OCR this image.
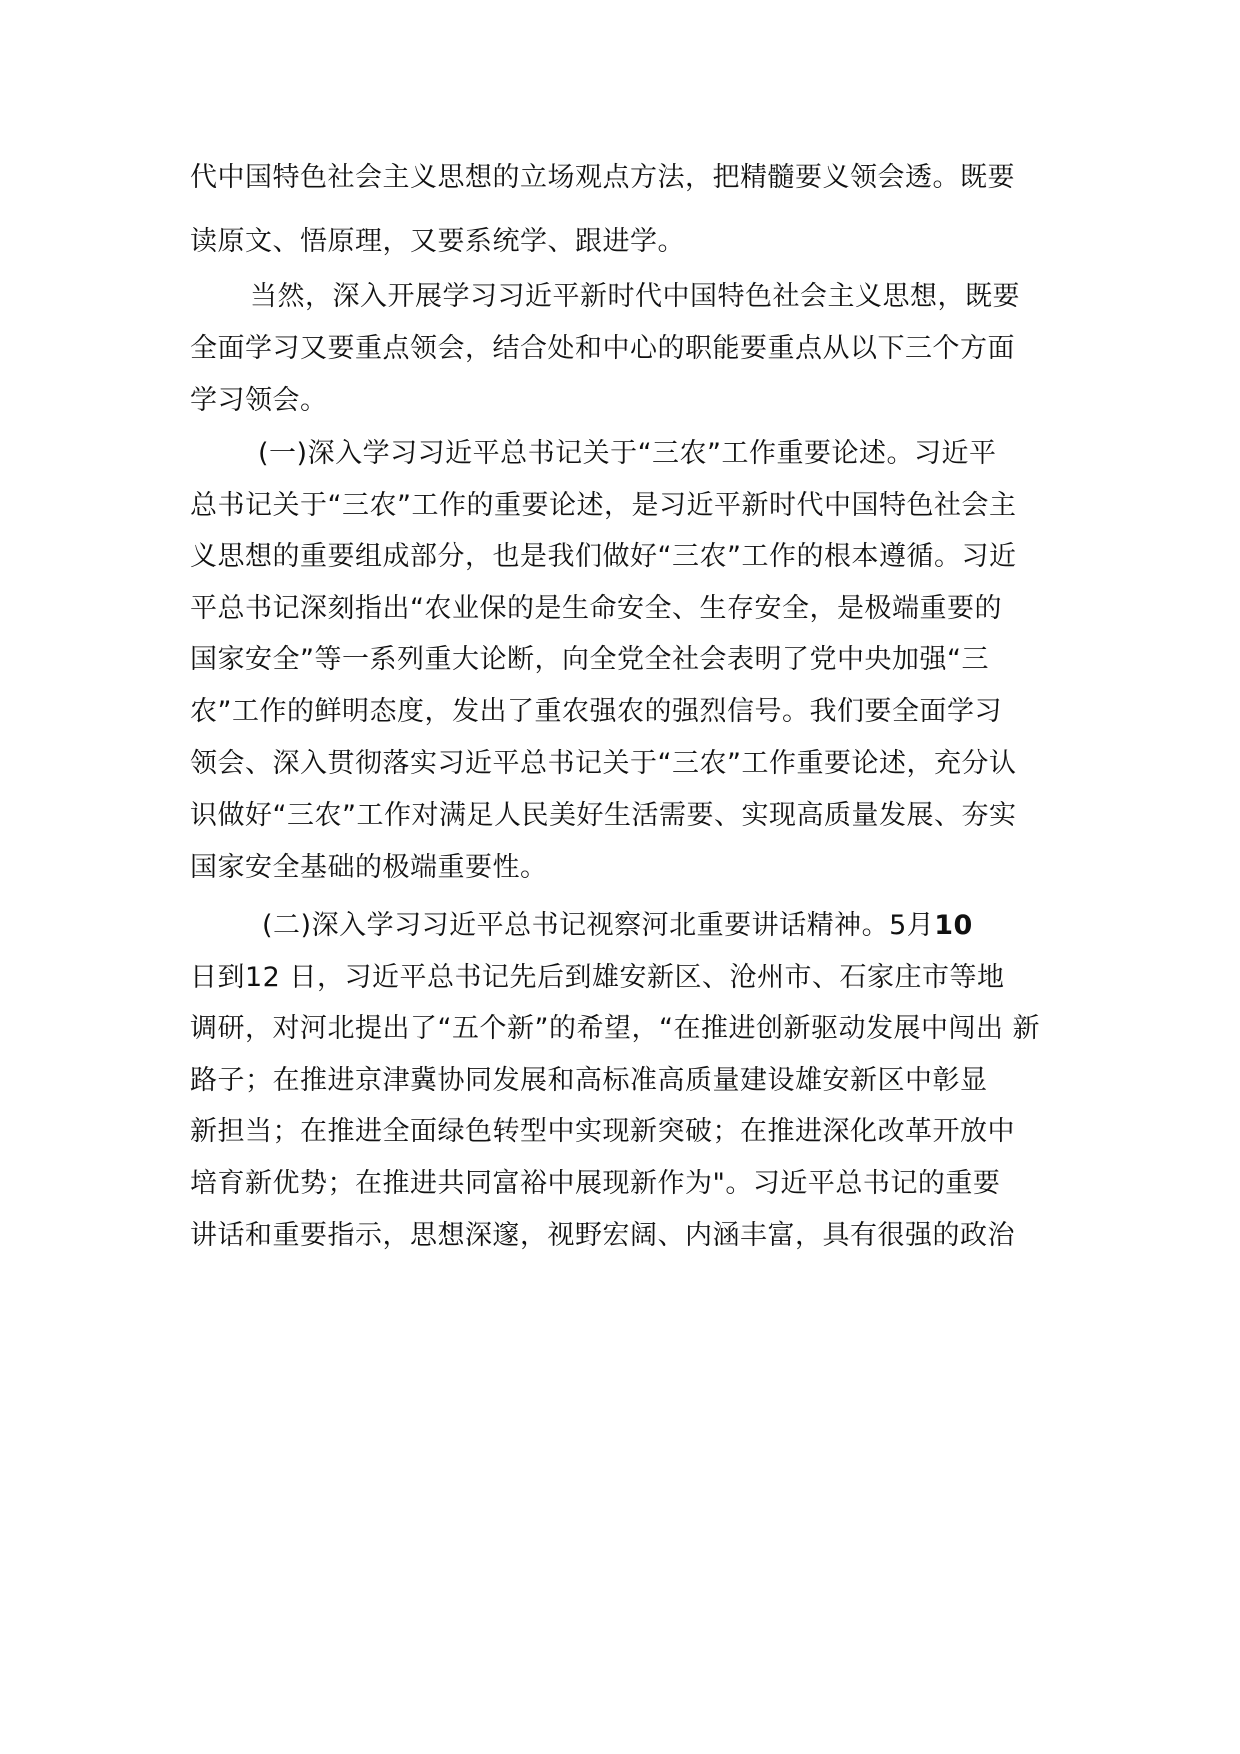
代中国特色社会主义思想的立场观点方法，把精髓要义领会透。既要
读原文、悟原理，又要系统学、跟进学。
当然，深入开展学习习近平新时代中国特色社会主义思想，既要
全面学习又要重点领会，结合处和中心的职能要重点从以下三个方面
学习领会。
(一)深入学习习近平总书记关于“三农”工作重要论述。习近平
总书记关于“三农”工作的重要论述，是习近平新时代中国特色社会主
义思想的重要组成部分，也是我们做好“三农”工作的根本遵循。习近
平总书记深刻指出“农业保的是生命安全、生存安全，是极端重要的
国家安全”等一系列重大论断，向全党全社会表明了党中央加强“三
农”工作的鲜明态度，发出了重农强农的强烈信号。我们要全面学习
领会、深入贯彻落实习近平总书记关于“三农”工作重要论述，充分认
识做好“三农”工作对满足人民美好生活需要、实现高质量发展、夯实
国家安全基础的极端重要性。
(二)深入学习习近平总书记视察河北重要讲话精神。5月10
日到12 日，习近平总书记先后到雄安新区、沧州市、石家庄市等地
调研，对河北提出了“五个新”的希望，“在推进创新驱动发展中闯出 新
路子；在推进京津冀协同发展和高标准高质量建设雄安新区中彰显
新担当；在推进全面绿色转型中实现新突破；在推进深化改革开放中
培育新优势；在推进共同富裕中展现新作为"。习近平总书记的重要
讲话和重要指示，思想深邃，视野宏阔、内涵丰富，具有很强的政治
